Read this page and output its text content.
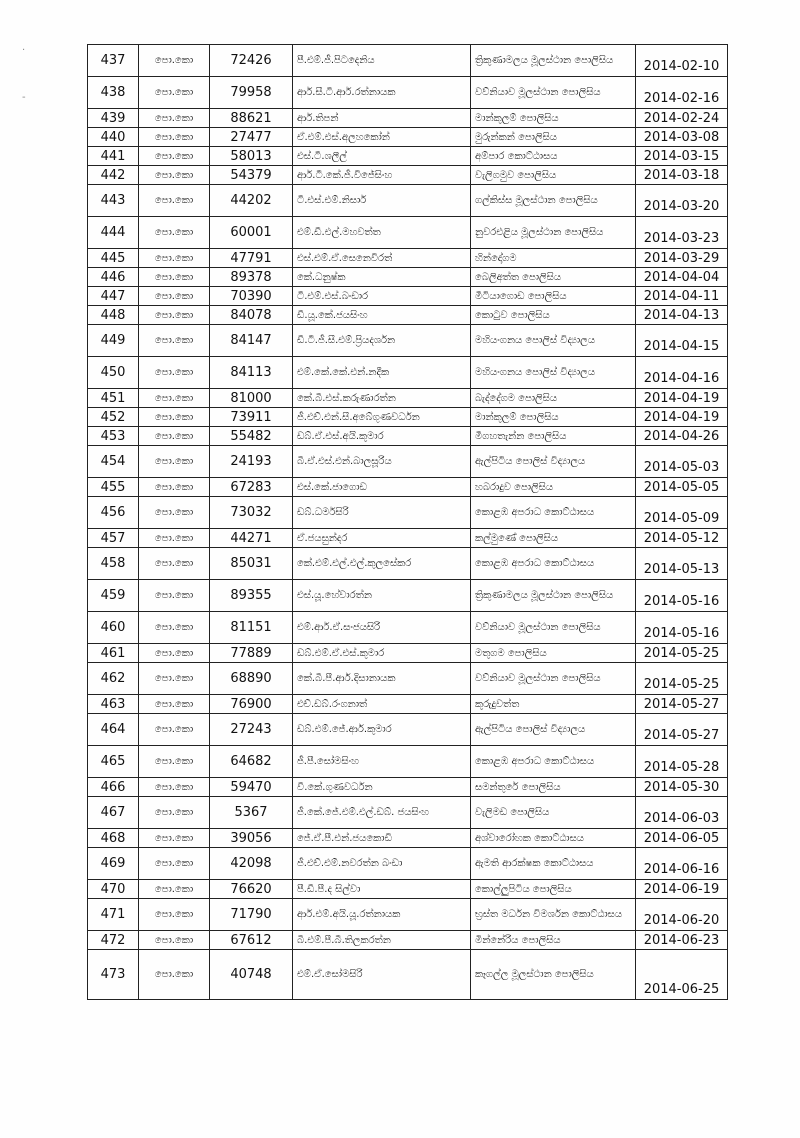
.
-
437	පො.කො	72426	පී.එම්.ජී.පිටදෙනිය	ත්‍රිකුණාමලය මූලස්ථාන පොලිසිය	2014-02-10
438	පො.කො	79958	ආර්.සී.ටී.ආර්.රත්නායක	වව්නියාව මූලස්ථාන පොලිසිය	2014-02-16
439	පො.කො	88621	ආර්.තිපන්	මාන්කුලම් පොලිසිය	2014-02-24
440	පො.කො	27477	ඒ.එම්.එස්.අලහකෝන්	මුරුන්කන් පොලිසිය	2014-03-08
441	පො.කො	58013	එස්.ටී.ශලීල්	අම්පාර කොට්ඨාසය	2014-03-15
442	පො.කො	54379	ආර්.ටී.කේ.ජී.විජේසිංහ	වැලිගමුව පොලිසිය	2014-03-18
443	පො.කො	44202	ටී.එස්.එම්.නිසාර්	ගල්කිස්ස මූලස්ථාන පොලිසිය	2014-03-20
444	පො.කො	60001	එම්.ඩී.එල්.මහවත්ත	නුවරඑළිය මූලස්ථාන පොලිසිය	2014-03-23
445	පො.කො	47791	එස්.එම්.ඒ.සෙනෙවිරත්	හින්දෝගම	2014-03-29
446	පො.කො	89378	කේ.ධනුෂ්ක	බෙලිඅත්ත පොලිසිය	2014-04-04
447	පො.කො	70390	ටී.එම්.එස්.බංඩාර	මීටියාගොඩ පොලිසිය	2014-04-11
448	පො.කො	84078	ඩී.යූ.කේ.ජයසිංහ	කොටුව පොලිසිය	2014-04-13
449	පො.කො	84147	ඩී.ටී.ජී.සී.එම්.ප්‍රියදර්ශන	මහියංගනය පොලිස් විද්‍යාලය	2014-04-15
450	පො.කො	84113	එම්.කේ.කේ.එන්.නදීක	මහියංගනය පොලිස් විද්‍යාලය	2014-04-16
451	පො.කො	81000	කේ.බී.එස්.කරුණාරත්න	බැද්දේගම පොලිසිය	2014-04-19
452	පො.කො	73911	ජී.එච්.එන්.සී.අබේගුණවර්ධන	මාන්කුලම් පොලිසිය	2014-04-19
453	පො.කො	55482	ඩබ්.ඒ.එස්.අයි.කුමාර	මීගහතැන්න පොලිසිය	2014-04-26
454	පො.කො	24193	බී.ඒ.එස්.එන්.බාලසූරිය	ඇල්පිටිය පොලිස් විද්‍යාලය	2014-05-03
455	පො.කො	67283	එස්.කේ.ජාගොඩ	හබරාදුව පොලිසිය	2014-05-05
456	පො.කො	73032	ඩබ්.ධර්මසිරි	කොළඹ අපරාධ කොට්ඨාසය	2014-05-09
457	පො.කො	44271	ඒ.ජයසුන්දර	කල්මුණේ පොලිසිය	2014-05-12
458	පො.කො	85031	කේ.එම්.එල්.එල්.කුලසේකර	කොළඹ අපරාධ කොට්ඨාසය	2014-05-13
459	පො.කො	89355	එස්.යූ.හේවාරත්න	ත්‍රිකුණාමලය මූලස්ථාන පොලිසිය	2014-05-16
460	පො.කො	81151	එම්.ආර්.ඒ.සංජයසිරි	වව්නියාව මූලස්ථාන පොලිසිය	2014-05-16
461	පො.කො	77889	ඩබ්.එම්.ඒ.එස්.කුමාර	මතුගම පොලිසිය	2014-05-25
462	පො.කො	68890	කේ.බී.පී.ආර්.දිසානායක	වව්නියාව මූලස්ථාන පොලිසිය	2014-05-25
463	පො.කො	76900	එච්.ඩබ්.රංගනාත්	කුරුදුවත්ත	2014-05-27
464	පො.කො	27243	ඩබ්.එම්.ජේ.ආර්.කුමාර	ඇල්පිටිය පොලිස් විද්‍යාලය	2014-05-27
465	පො.කො	64682	ජී.පී.සෝමසිංහ	කොළඹ අපරාධ කොට්ඨාසය	2014-05-28
466	පො.කො	59470	වී.කේ.ගුණවර්ධන	සමන්තුරේ පොලිසිය	2014-05-30
467	පො.කො	5367	ජී.කේ.ජේ.එම්.එල්.ඩබ්. ජයසිංහ	වැලිමඩ පොලිසිය	2014-06-03
468	පො.කො	39056	ජේ.ඒ.පී.එන්.ජයකොඩි	අශ්වාරෝහක කොට්ඨාසය	2014-06-05
469	පො.කො	42098	ජී.එච්.එම්.නවරත්න බංඩා	ඇමති ආරක්ෂක කොට්ඨාසය	2014-06-16
470	පො.කො	76620	පී.ඩී.පී.ද සිල්වා	කොල්ලුපිටිය පොලිසිය	2014-06-19
471	පො.කො	71790	ආර්.එම්.අයි.යූ.රත්නායක	භ්‍රස්ත මර්ධන විමර්ශන කොට්ඨාසය	2014-06-20
472	පො.කො	67612	බී.එම්.පී.බී.තිලකරත්න	මින්නේරිය පොලිසිය	2014-06-23
473	පො.කො	40748	එම්.ඒ.සෝමසිරි	කෑගල්ල මූලස්ථාන පොලිසිය	2014-06-25
